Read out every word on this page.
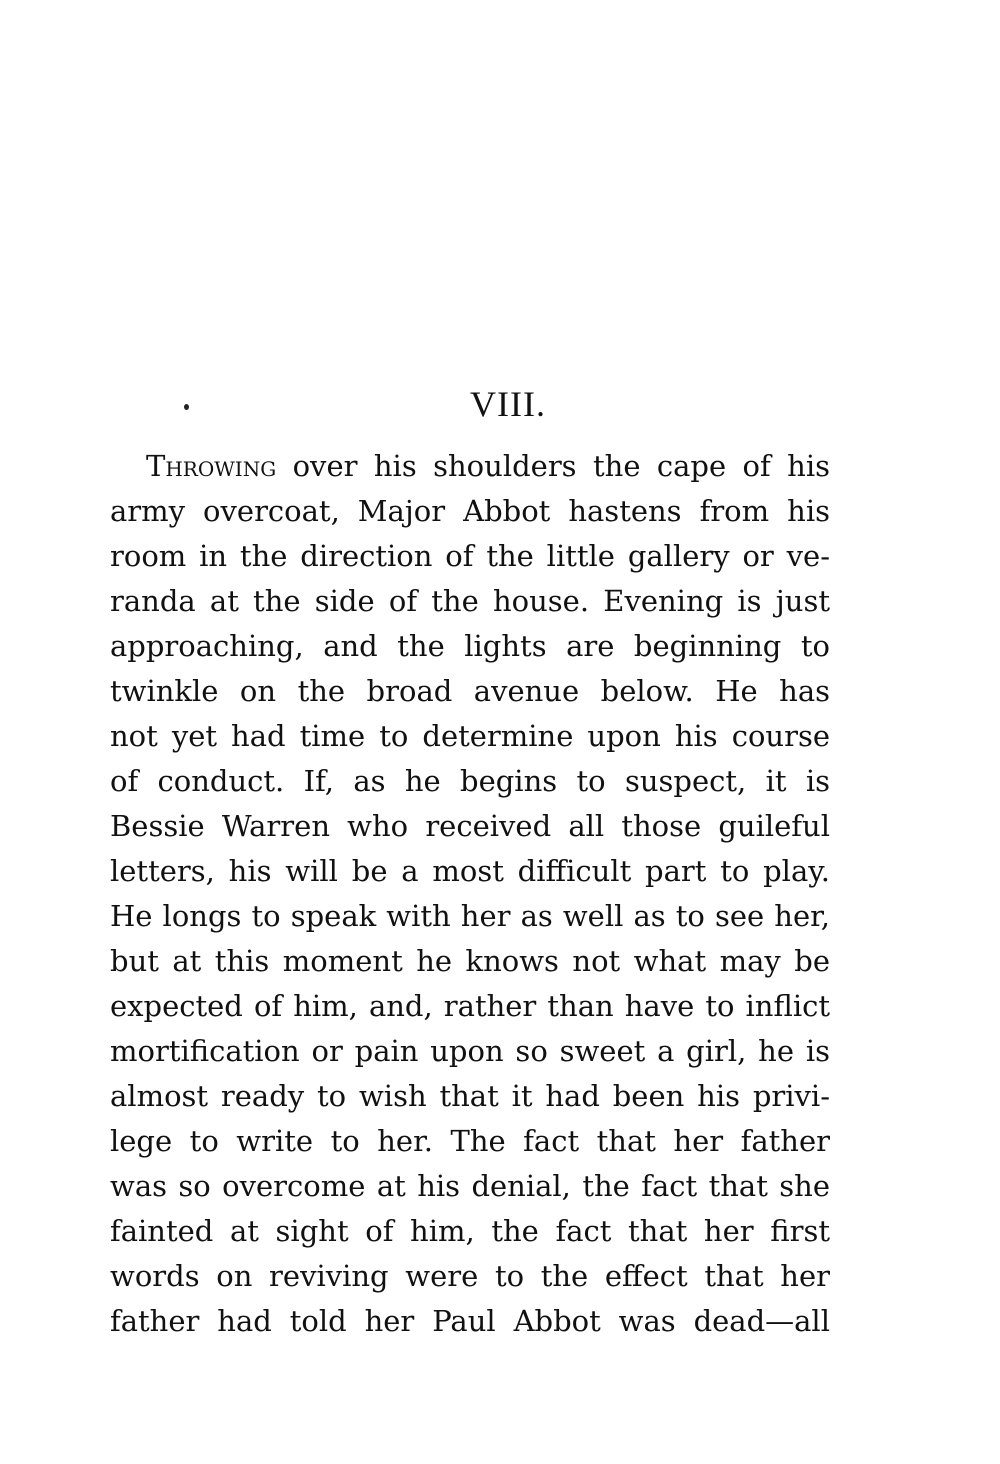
VIII.
Throwing over his shoulders the cape of his
army overcoat, Major Abbot hastens from his
room in the direction of the little gallery or ve-
randa at the side of the house. Evening is just
approaching, and the lights are beginning to
twinkle on the broad avenue below. He has
not yet had time to determine upon his course
of conduct. If, as he begins to suspect, it is
Bessie Warren who received all those guileful
letters, his will be a most difficult part to play.
He longs to speak with her as well as to see her,
but at this moment he knows not what may be
expected of him, and, rather than have to inflict
mortification or pain upon so sweet a girl, he is
almost ready to wish that it had been his privi-
lege to write to her. The fact that her father
was so overcome at his denial, the fact that she
fainted at sight of him, the fact that her first
words on reviving were to the effect that her
father had told her Paul Abbot was dead—all
